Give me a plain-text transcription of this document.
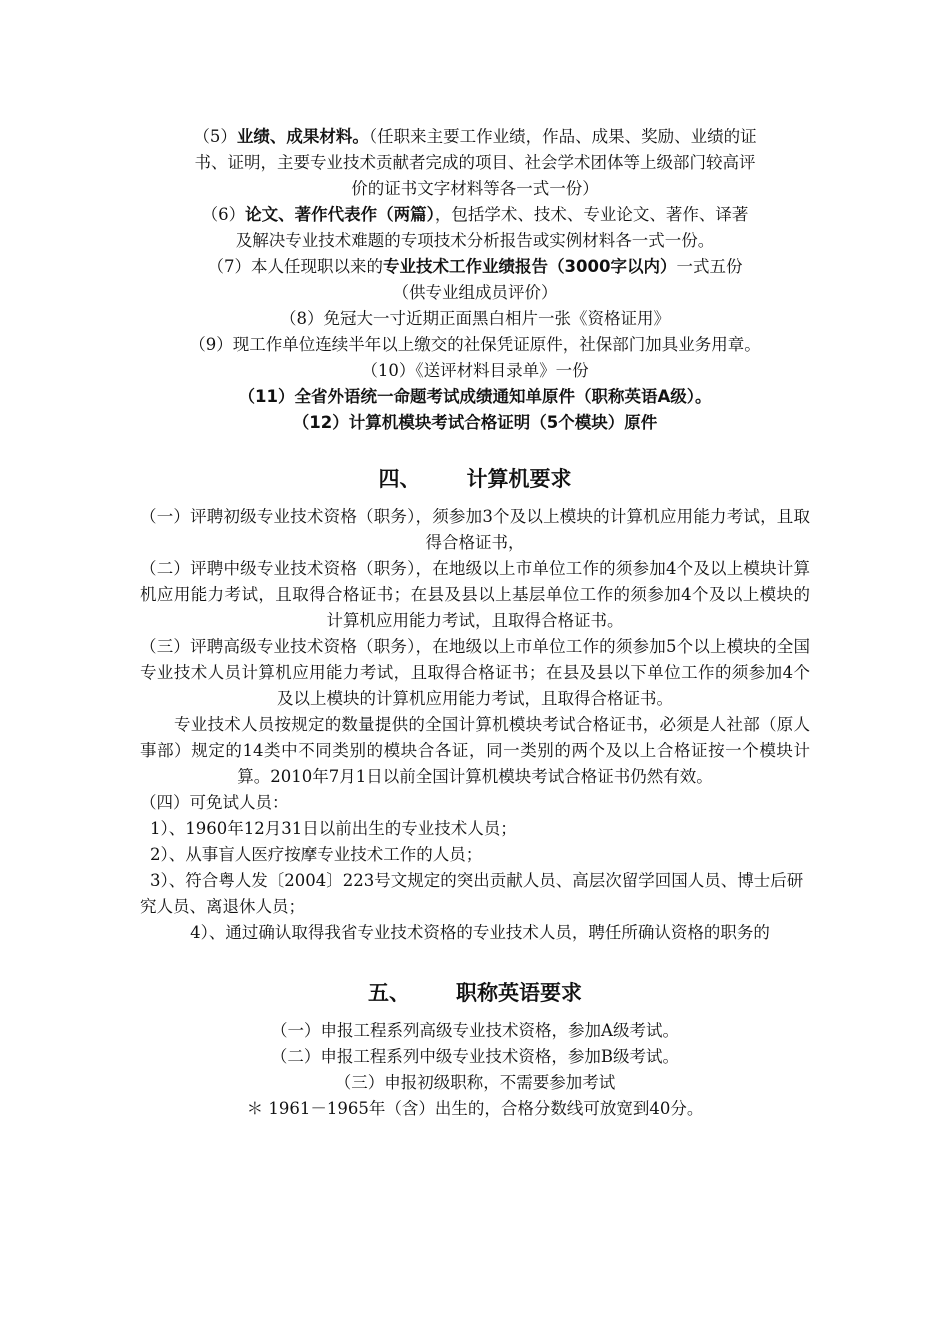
（5）业绩、成果材料。（任职来主要工作业绩，作品、成果、奖励、业绩的证
书、证明，主要专业技术贡献者完成的项目、社会学术团体等上级部门较高评
价的证书文字材料等各一式一份）
（6）论文、著作代表作（两篇），包括学术、技术、专业论文、著作、译著
及解决专业技术难题的专项技术分析报告或实例材料各一式一份。
（7）本人任现职以来的专业技术工作业绩报告（3000字以内）一式五份
（供专业组成员评价）
（8）免冠大一寸近期正面黑白相片一张《资格证用》
（9）现工作单位连续半年以上缴交的社保凭证原件，社保部门加具业务用章。
（10）《送评材料目录单》一份
（11）全省外语统一命题考试成绩通知单原件（职称英语A级）。
（12）计算机模块考试合格证明（5个模块）原件
四、 计算机要求
（一）评聘初级专业技术资格（职务），须参加3个及以上模块的计算机应用能力考试，且取得合格证书，
（二）评聘中级专业技术资格（职务），在地级以上市单位工作的须参加4个及以上模块计算机应用能力考试，且取得合格证书；在县及县以上基层单位工作的须参加4个及以上模块的计算机应用能力考试，且取得合格证书。
（三）评聘高级专业技术资格（职务），在地级以上市单位工作的须参加5个以上模块的全国专业技术人员计算机应用能力考试，且取得合格证书；在县及县以下单位工作的须参加4个及以上模块的计算机应用能力考试，且取得合格证书。
专业技术人员按规定的数量提供的全国计算机模块考试合格证书，必须是人社部（原人事部）规定的14类中不同类别的模块合各证，同一类别的两个及以上合格证按一个模块计算。2010年7月1日以前全国计算机模块考试合格证书仍然有效。
（四）可免试人员：
1）、1960年12月31日以前出生的专业技术人员；
2）、从事盲人医疗按摩专业技术工作的人员；
3）、符合粤人发〔2004〕223号文规定的突出贡献人员、高层次留学回国人员、博士后研究人员、离退休人员；
4）、通过确认取得我省专业技术资格的专业技术人员，聘任所确认资格的职务的
五、 职称英语要求
（一）申报工程系列高级专业技术资格，参加A级考试。
（二）申报工程系列中级专业技术资格，参加B级考试。
（三）申报初级职称，不需要参加考试
＊ 1961－1965年（含）出生的，合格分数线可放宽到40分。
